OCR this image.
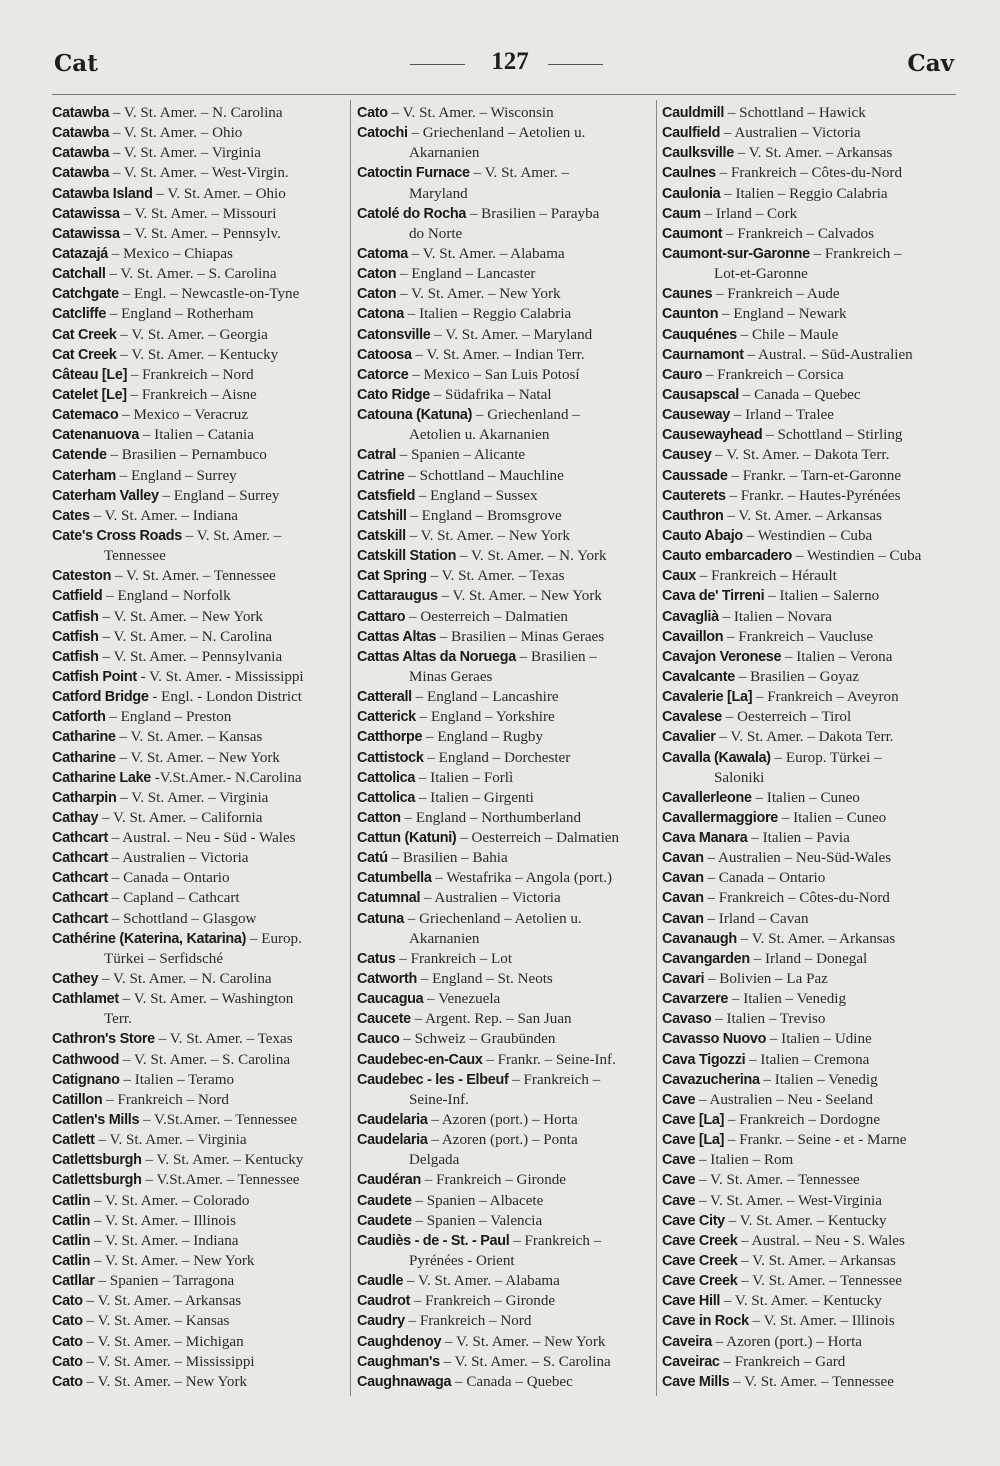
Cat	127	Cav
Catawba – V. St. Amer. – N. Carolina
Catawba – V. St. Amer. – Ohio
Catawba – V. St. Amer. – Virginia
Catawba – V. St. Amer. – West-Virgin.
Catawba Island – V. St. Amer. – Ohio
Catawissa – V. St. Amer. – Missouri
Catawissa – V. St. Amer. – Pennsylv.
Catazajá – Mexico – Chiapas
Catchall – V. St. Amer. – S. Carolina
Catchgate – Engl. – Newcastle-on-Tyne
Catcliffe – England – Rotherham
Cat Creek – V. St. Amer. – Georgia
Cat Creek – V. St. Amer. – Kentucky
Câteau [Le] – Frankreich – Nord
Catelet [Le] – Frankreich – Aisne
Catemaco – Mexico – Veracruz
Catenanuova – Italien – Catania
Catende – Brasilien – Pernambuco
Caterham – England – Surrey
Caterham Valley – England – Surrey
Cates – V. St. Amer. – Indiana
Cate's Cross Roads – V. St. Amer. –
Tennessee
Cateston – V. St. Amer. – Tennessee
Catfield – England – Norfolk
Catfish – V. St. Amer. – New York
Catfish – V. St. Amer. – N. Carolina
Catfish – V. St. Amer. – Pennsylvania
Catfish Point - V. St. Amer. - Mississippi
Catford Bridge - Engl. - London District
Catforth – England – Preston
Catharine – V. St. Amer. – Kansas
Catharine – V. St. Amer. – New York
Catharine Lake -V.St.Amer.- N.Carolina
Catharpin – V. St. Amer. – Virginia
Cathay – V. St. Amer. – California
Cathcart – Austral. – Neu - Süd - Wales
Cathcart – Australien – Victoria
Cathcart – Canada – Ontario
Cathcart – Capland – Cathcart
Cathcart – Schottland – Glasgow
Cathérine (Katerina, Katarina) – Europ.
Türkei – Serfidsché
Cathey – V. St. Amer. – N. Carolina
Cathlamet – V. St. Amer. – Washington
Terr.
Cathron's Store – V. St. Amer. – Texas
Cathwood – V. St. Amer. – S. Carolina
Catignano – Italien – Teramo
Catillon – Frankreich – Nord
Catlen's Mills – V.St.Amer. – Tennessee
Catlett – V. St. Amer. – Virginia
Catlettsburgh – V. St. Amer. – Kentucky
Catlettsburgh – V.St.Amer. – Tennessee
Catlin – V. St. Amer. – Colorado
Catlin – V. St. Amer. – Illinois
Catlin – V. St. Amer. – Indiana
Catlin – V. St. Amer. – New York
Catllar – Spanien – Tarragona
Cato – V. St. Amer. – Arkansas
Cato – V. St. Amer. – Kansas
Cato – V. St. Amer. – Michigan
Cato – V. St. Amer. – Mississippi
Cato – V. St. Amer. – New York
Cato – V. St. Amer. – Wisconsin
Catochi – Griechenland – Aetolien u.
Akarnanien
Catoctin Furnace – V. St. Amer. –
Maryland
Catolé do Rocha – Brasilien – Parayba
do Norte
Catoma – V. St. Amer. – Alabama
Caton – England – Lancaster
Caton – V. St. Amer. – New York
Catona – Italien – Reggio Calabria
Catonsville – V. St. Amer. – Maryland
Catoosa – V. St. Amer. – Indian Terr.
Catorce – Mexico – San Luis Potosí
Cato Ridge – Südafrika – Natal
Catouna (Katuna) – Griechenland –
Aetolien u. Akarnanien
Catral – Spanien – Alicante
Catrine – Schottland – Mauchline
Catsfield – England – Sussex
Catshill – England – Bromsgrove
Catskill – V. St. Amer. – New York
Catskill Station – V. St. Amer. – N. York
Cat Spring – V. St. Amer. – Texas
Cattaraugus – V. St. Amer. – New York
Cattaro – Oesterreich – Dalmatien
Cattas Altas – Brasilien – Minas Geraes
Cattas Altas da Noruega – Brasilien –
Minas Geraes
Catterall – England – Lancashire
Catterick – England – Yorkshire
Catthorpe – England – Rugby
Cattistock – England – Dorchester
Cattolica – Italien – Forlì
Cattolica – Italien – Girgenti
Catton – England – Northumberland
Cattun (Katuni) – Oesterreich – Dalmatien
Catú – Brasilien – Bahia
Catumbella – Westafrika – Angola (port.)
Catumnal – Australien – Victoria
Catuna – Griechenland – Aetolien u.
Akarnanien
Catus – Frankreich – Lot
Catworth – England – St. Neots
Caucagua – Venezuela
Caucete – Argent. Rep. – San Juan
Cauco – Schweiz – Graubünden
Caudebec-en-Caux – Frankr. – Seine-Inf.
Caudebec - les - Elbeuf – Frankreich –
Seine-Inf.
Caudelaria – Azoren (port.) – Horta
Caudelaria – Azoren (port.) – Ponta
Delgada
Caudéran – Frankreich – Gironde
Caudete – Spanien – Albacete
Caudete – Spanien – Valencia
Caudiès - de - St. - Paul – Frankreich –
Pyrénées - Orient
Caudle – V. St. Amer. – Alabama
Caudrot – Frankreich – Gironde
Caudry – Frankreich – Nord
Caughdenoy – V. St. Amer. – New York
Caughman's – V. St. Amer. – S. Carolina
Caughnawaga – Canada – Quebec
Cauldmill – Schottland – Hawick
Caulfield – Australien – Victoria
Caulksville – V. St. Amer. – Arkansas
Caulnes – Frankreich – Côtes-du-Nord
Caulonia – Italien – Reggio Calabria
Caum – Irland – Cork
Caumont – Frankreich – Calvados
Caumont-sur-Garonne – Frankreich –
Lot-et-Garonne
Caunes – Frankreich – Aude
Caunton – England – Newark
Cauquénes – Chile – Maule
Caurnamont – Austral. – Süd-Australien
Cauro – Frankreich – Corsica
Causapscal – Canada – Quebec
Causeway – Irland – Tralee
Causewayhead – Schottland – Stirling
Causey – V. St. Amer. – Dakota Terr.
Caussade – Frankr. – Tarn-et-Garonne
Cauterets – Frankr. – Hautes-Pyrénées
Cauthron – V. St. Amer. – Arkansas
Cauto Abajo – Westindien – Cuba
Cauto embarcadero – Westindien – Cuba
Caux – Frankreich – Hérault
Cava de' Tirreni – Italien – Salerno
Cavaglià – Italien – Novara
Cavaillon – Frankreich – Vaucluse
Cavajon Veronese – Italien – Verona
Cavalcante – Brasilien – Goyaz
Cavalerie [La] – Frankreich – Aveyron
Cavalese – Oesterreich – Tirol
Cavalier – V. St. Amer. – Dakota Terr.
Cavalla (Kawala) – Europ. Türkei –
Saloniki
Cavallerleone – Italien – Cuneo
Cavallermaggiore – Italien – Cuneo
Cava Manara – Italien – Pavia
Cavan – Australien – Neu-Süd-Wales
Cavan – Canada – Ontario
Cavan – Frankreich – Côtes-du-Nord
Cavan – Irland – Cavan
Cavanaugh – V. St. Amer. – Arkansas
Cavangarden – Irland – Donegal
Cavari – Bolivien – La Paz
Cavarzere – Italien – Venedig
Cavaso – Italien – Treviso
Cavasso Nuovo – Italien – Udine
Cava Tigozzi – Italien – Cremona
Cavazucherina – Italien – Venedig
Cave – Australien – Neu - Seeland
Cave [La] – Frankreich – Dordogne
Cave [La] – Frankr. – Seine - et - Marne
Cave – Italien – Rom
Cave – V. St. Amer. – Tennessee
Cave – V. St. Amer. – West-Virginia
Cave City – V. St. Amer. – Kentucky
Cave Creek – Austral. – Neu - S. Wales
Cave Creek – V. St. Amer. – Arkansas
Cave Creek – V. St. Amer. – Tennessee
Cave Hill – V. St. Amer. – Kentucky
Cave in Rock – V. St. Amer. – Illinois
Caveira – Azoren (port.) – Horta
Caveirac – Frankreich – Gard
Cave Mills – V. St. Amer. – Tennessee
